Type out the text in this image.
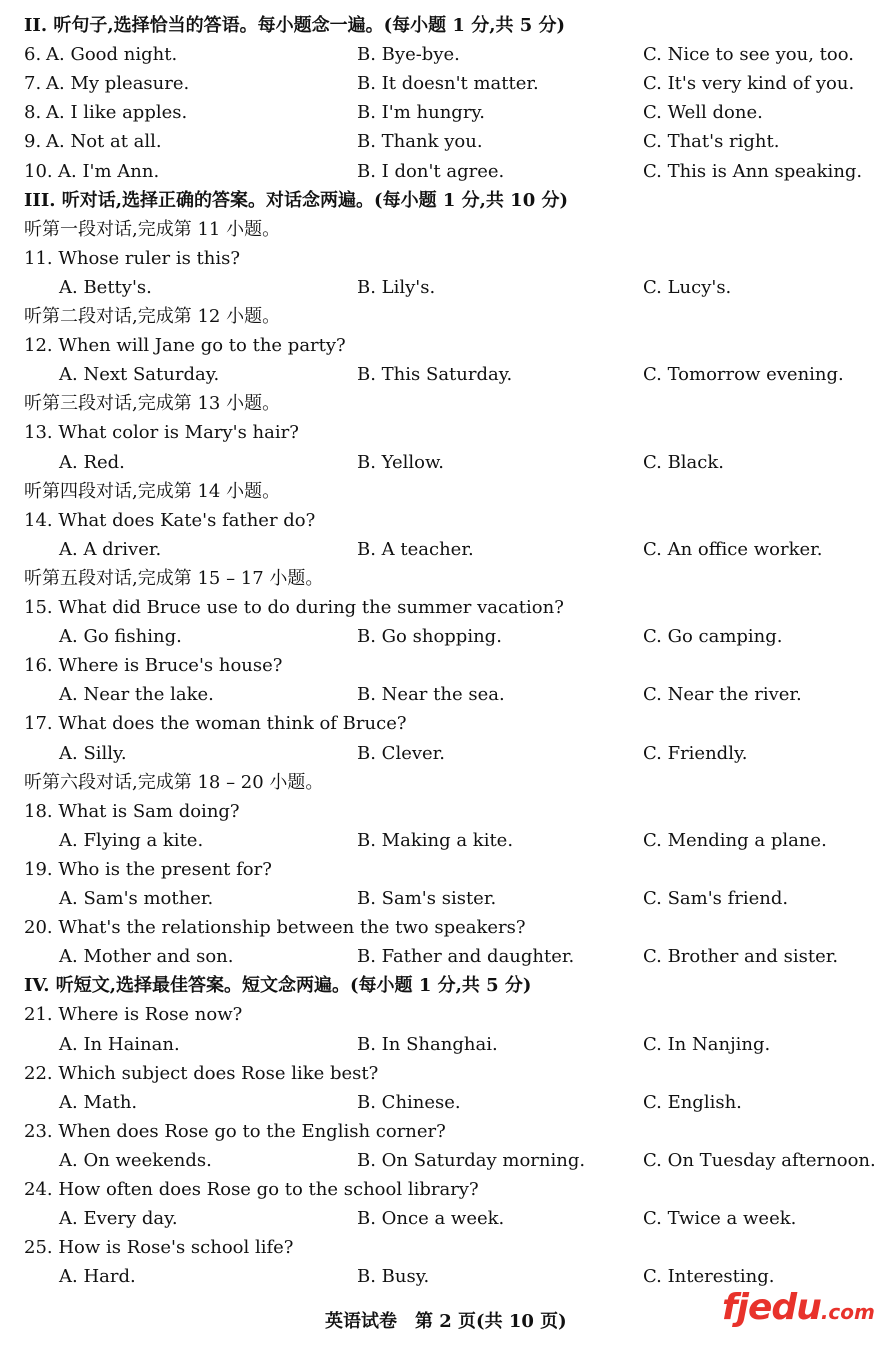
II. 听句子,选择恰当的答语。每小题念一遍。(每小题 1 分,共 5 分)
6. A. Good night.	B. Bye-bye.	C. Nice to see you, too.
7. A. My pleasure.	B. It doesn't matter.	C. It's very kind of you.
8. A. I like apples.	B. I'm hungry.	C. Well done.
9. A. Not at all.	B. Thank you.	C. That's right.
10. A. I'm Ann.	B. I don't agree.	C. This is Ann speaking.
III. 听对话,选择正确的答案。对话念两遍。(每小题 1 分,共 10 分)
听第一段对话,完成第 11 小题。
11. Whose ruler is this?
A. Betty's.	B. Lily's.	C. Lucy's.
听第二段对话,完成第 12 小题。
12. When will Jane go to the party?
A. Next Saturday.	B. This Saturday.	C. Tomorrow evening.
听第三段对话,完成第 13 小题。
13. What color is Mary's hair?
A. Red.	B. Yellow.	C. Black.
听第四段对话,完成第 14 小题。
14. What does Kate's father do?
A. A driver.	B. A teacher.	C. An office worker.
听第五段对话,完成第 15 – 17 小题。
15. What did Bruce use to do during the summer vacation?
A. Go fishing.	B. Go shopping.	C. Go camping.
16. Where is Bruce's house?
A. Near the lake.	B. Near the sea.	C. Near the river.
17. What does the woman think of Bruce?
A. Silly.	B. Clever.	C. Friendly.
听第六段对话,完成第 18 – 20 小题。
18. What is Sam doing?
A. Flying a kite.	B. Making a kite.	C. Mending a plane.
19. Who is the present for?
A. Sam's mother.	B. Sam's sister.	C. Sam's friend.
20. What's the relationship between the two speakers?
A. Mother and son.	B. Father and daughter.	C. Brother and sister.
IV. 听短文,选择最佳答案。短文念两遍。(每小题 1 分,共 5 分)
21. Where is Rose now?
A. In Hainan.	B. In Shanghai.	C. In Nanjing.
22. Which subject does Rose like best?
A. Math.	B. Chinese.	C. English.
23. When does Rose go to the English corner?
A. On weekends.	B. On Saturday morning.	C. On Tuesday afternoon.
24. How often does Rose go to the school library?
A. Every day.	B. Once a week.	C. Twice a week.
25. How is Rose's school life?
A. Hard.	B. Busy.	C. Interesting.
英语试卷　第 2 页(共 10 页)	fjedu.com
